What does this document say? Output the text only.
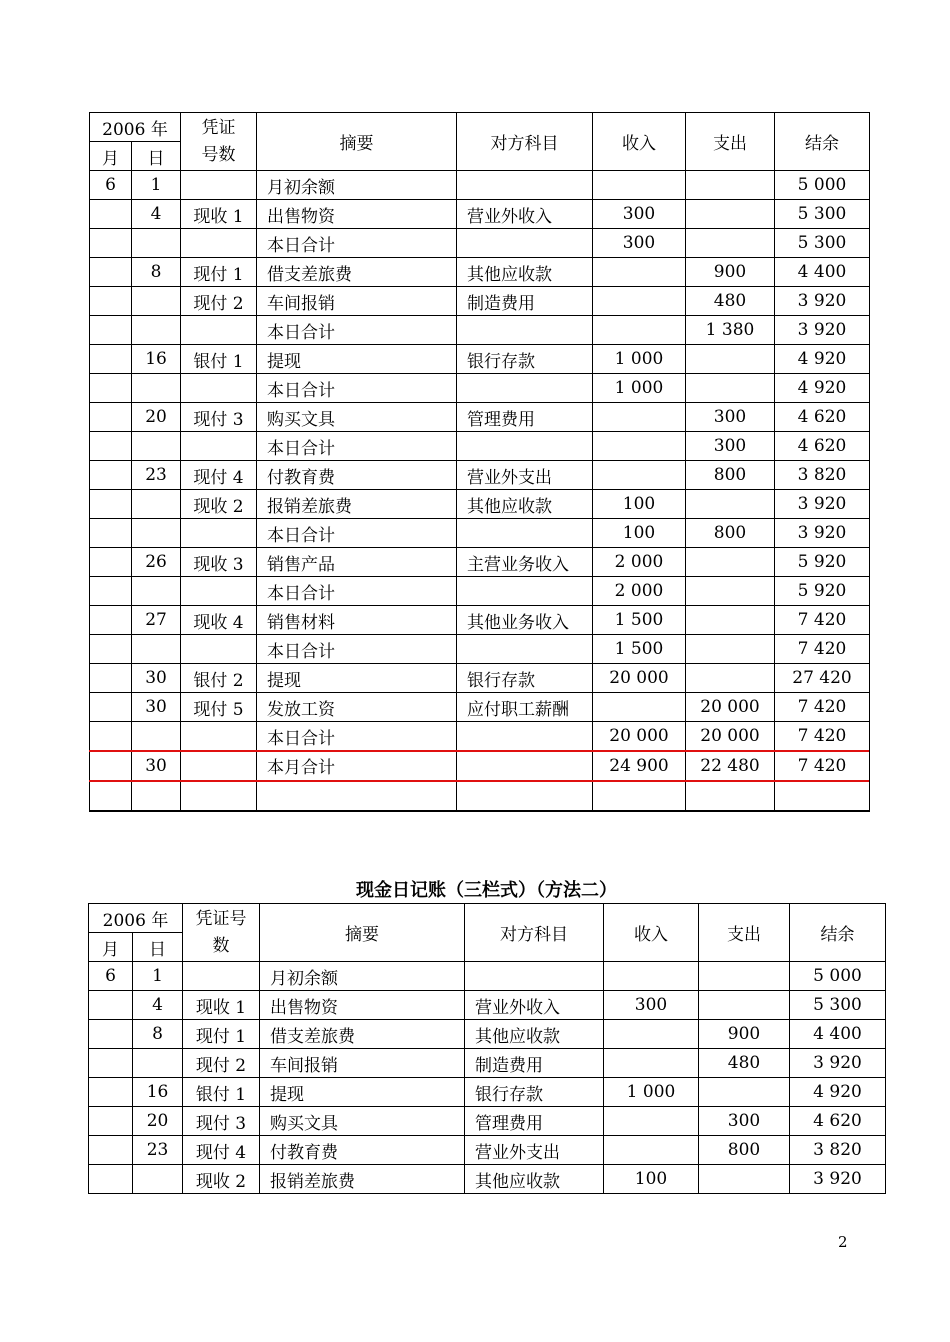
2006 年		凭证
号数	摘要	对方科目	收入	支出	结余
月	日						
6	1		月初余额				5 000
	4	现收 1	出售物资	营业外收入	300		5 300
			本日合计		300		5 300
	8	现付 1	借支差旅费	其他应收款		900	4 400
		现付 2	车间报销	制造费用		480	3 920
			本日合计			1 380	3 920
	16	银付 1	提现	银行存款	1 000		4 920
			本日合计		1 000		4 920
	20	现付 3	购买文具	管理费用		300	4 620
			本日合计			300	4 620
	23	现付 4	付教育费	营业外支出		800	3 820
		现收 2	报销差旅费	其他应收款	100		3 920
			本日合计		100	800	3 920
	26	现收 3	销售产品	主营业务收入	2 000		5 920
			本日合计		2 000		5 920
	27	现收 4	销售材料	其他业务收入	1 500		7 420
			本日合计		1 500		7 420
	30	银付 2	提现	银行存款	20 000		27 420
	30	现付 5	发放工资	应付职工薪酬		20 000	7 420
			本日合计		20 000	20 000	7 420
	30		本月合计		24 900	22 480	7 420

现金日记账（三栏式）（方法二）
2006 年		凭证号
数	摘要	对方科目	收入	支出	结余
月	日						
6	1		月初余额				5 000
	4	现收 1	出售物资	营业外收入	300		5 300
	8	现付 1	借支差旅费	其他应收款		900	4 400
		现付 2	车间报销	制造费用		480	3 920
	16	银付 1	提现	银行存款	1 000		4 920
	20	现付 3	购买文具	管理费用		300	4 620
	23	现付 4	付教育费	营业外支出		800	3 820
		现收 2	报销差旅费	其他应收款	100		3 920
2
